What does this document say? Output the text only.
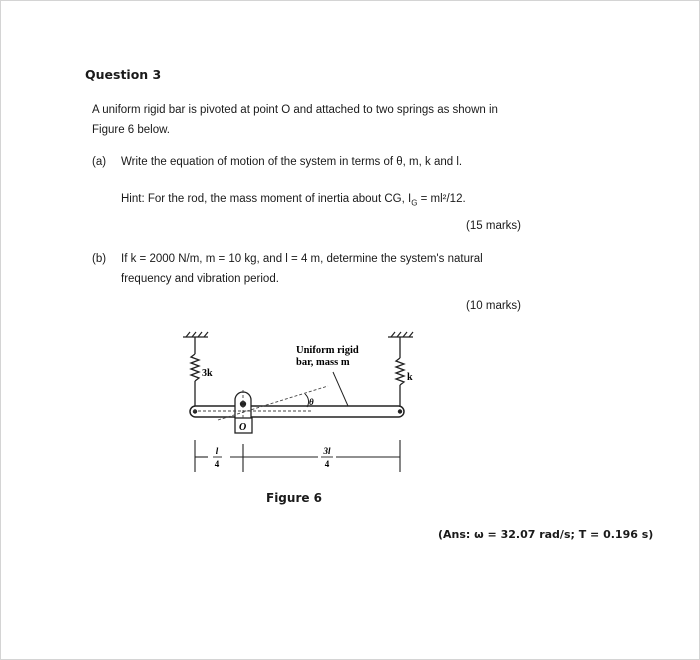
Question 3
A uniform rigid bar is pivoted at point O and attached to two springs as shown in
Figure 6 below.
(a) Write the equation of motion of the system in terms of θ, m, k and l.
Hint: For the rod, the mass moment of inertia about CG, $I_G = ml^2/12$.
(15 marks)
(b) If k = 2000 N/m, m = 10 kg, and l = 4 m, determine the system's natural
frequency and vibration period.
(10 marks)
3k	k
O
θ
Uniform rigid
bar, mass m
l
4
3l
4
Figure 6
(Ans: ω = 32.07 rad/s; T = 0.196 s)
